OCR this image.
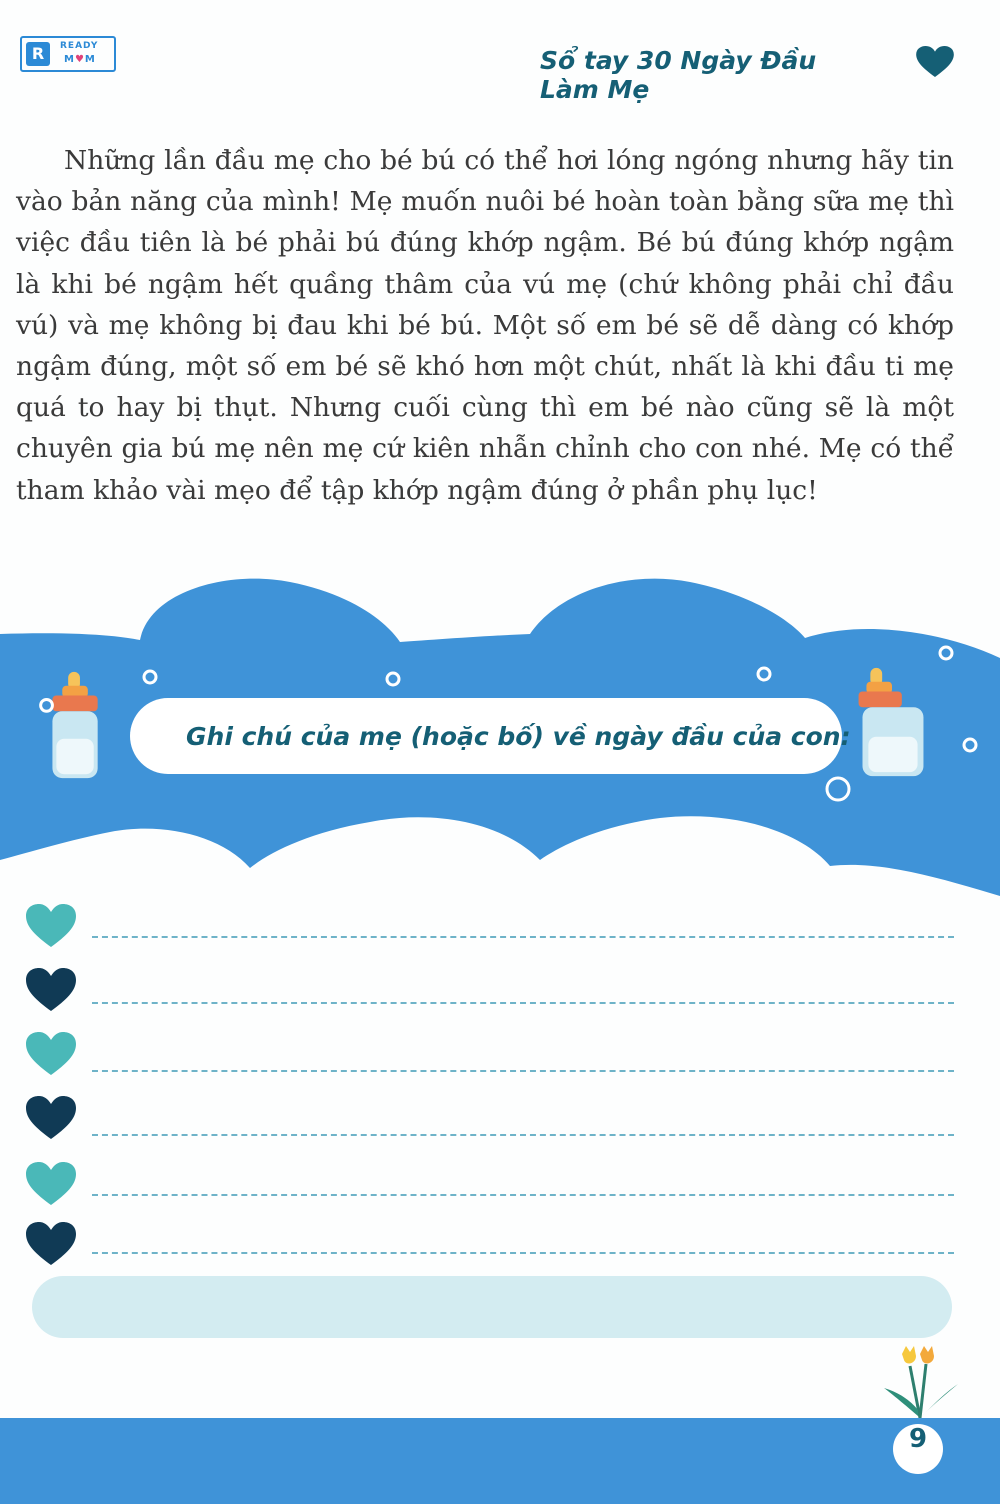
R	READY
M♥M	Sổ tay 30 Ngày Đầu Làm Mẹ

Những lần đầu mẹ cho bé bú có thể hơi lóng ngóng nhưng hãy tin vào bản năng của mình! Mẹ muốn nuôi bé hoàn toàn bằng sữa mẹ thì việc đầu tiên là bé phải bú đúng khớp ngậm. Bé bú đúng khớp ngậm là khi bé ngậm hết quầng thâm của vú mẹ (chứ không phải chỉ đầu vú) và mẹ không bị đau khi bé bú. Một số em bé sẽ dễ dàng có khớp ngậm đúng, một số em bé sẽ khó hơn một chút, nhất là khi đầu ti mẹ quá to hay bị thụt. Nhưng cuối cùng thì em bé nào cũng sẽ là một chuyên gia bú mẹ nên mẹ cứ kiên nhẫn chỉnh cho con nhé. Mẹ có thể tham khảo vài mẹo để tập khớp ngậm đúng ở phần phụ lục!

Ghi chú của mẹ (hoặc bố) về ngày đầu của con:
9
